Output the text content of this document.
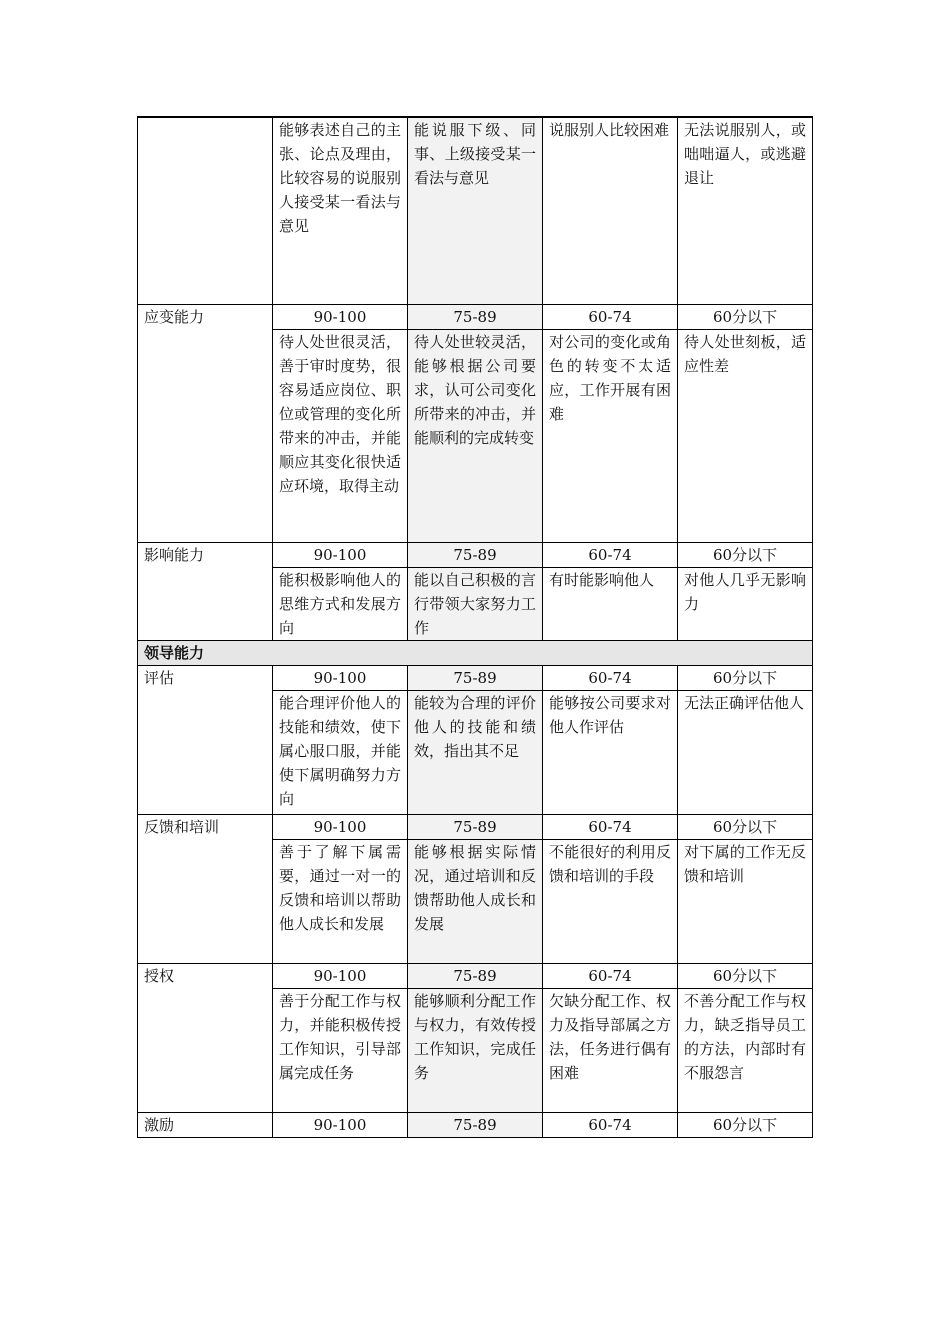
	能够表述自己的主张、论点及理由，比较容易的说服别人接受某一看法与意见	能说服下级、同事、上级接受某一看法与意见	说服别人比较困难	无法说服别人，或咄咄逼人，或逃避退让
应变能力	90-100	75-89	60-74	60分以下
	待人处世很灵活，善于审时度势，很容易适应岗位、职位或管理的变化所带来的冲击，并能顺应其变化很快适应环境，取得主动	待人处世较灵活，能够根据公司要求，认可公司变化所带来的冲击，并能顺利的完成转变	对公司的变化或角色的转变不太适应，工作开展有困难	待人处世刻板，适应性差
影响能力	90-100	75-89	60-74	60分以下
	能积极影响他人的思维方式和发展方向	能以自己积极的言行带领大家努力工作	有时能影响他人	对他人几乎无影响力
领导能力				
评估	90-100	75-89	60-74	60分以下
	能合理评价他人的技能和绩效，使下属心服口服，并能使下属明确努力方向	能较为合理的评价他人的技能和绩效，指出其不足	能够按公司要求对他人作评估	无法正确评估他人
反馈和培训	90-100	75-89	60-74	60分以下
	善于了解下属需要，通过一对一的反馈和培训以帮助他人成长和发展	能够根据实际情况，通过培训和反馈帮助他人成长和发展	不能很好的利用反馈和培训的手段	对下属的工作无反馈和培训
授权	90-100	75-89	60-74	60分以下
	善于分配工作与权力，并能积极传授工作知识，引导部属完成任务	能够顺利分配工作与权力，有效传授工作知识，完成任务	欠缺分配工作、权力及指导部属之方法，任务进行偶有困难	不善分配工作与权力，缺乏指导员工的方法，内部时有不服怨言
激励	90-100	75-89	60-74	60分以下
